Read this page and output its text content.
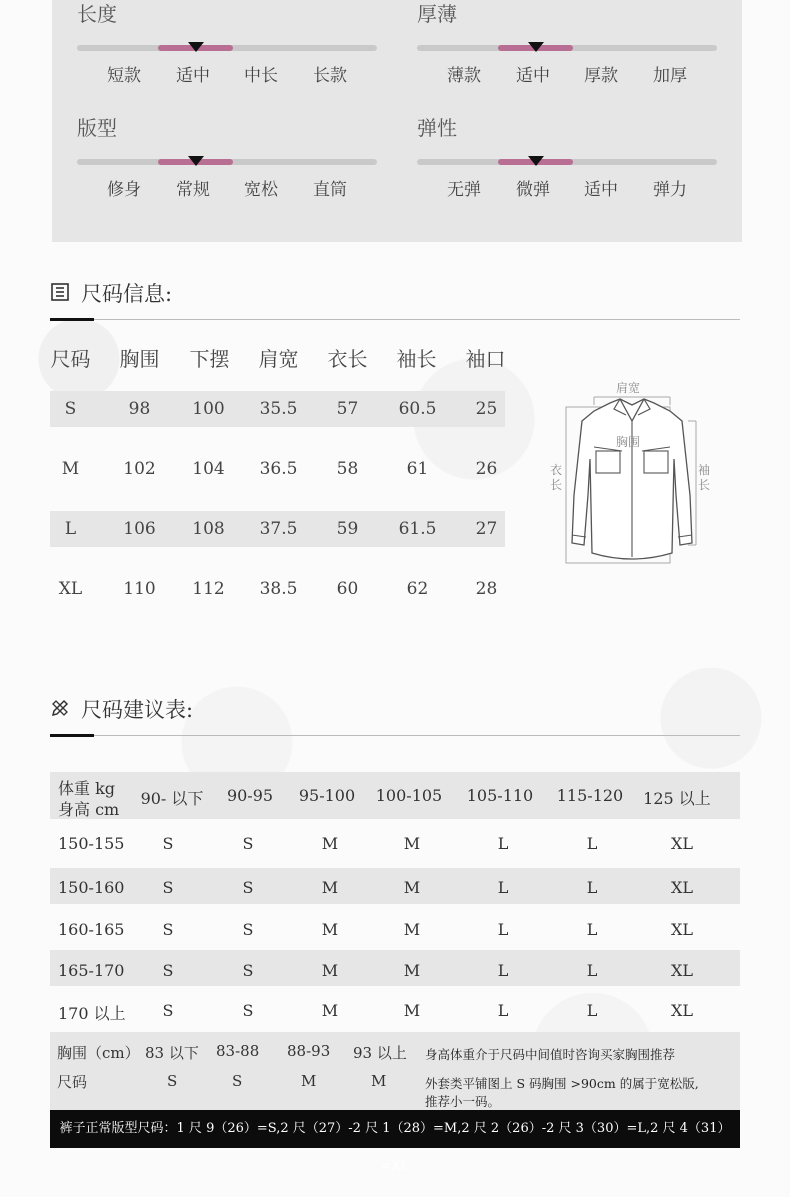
长度
短款	适中	中长	长款
厚薄
薄款	适中	厚款	加厚
版型
修身	常规	宽松	直筒
弹性
无弹	微弹	适中	弹力
尺码信息:
尺码	胸围	下摆	肩宽	衣长	袖长	袖口
S	98	100	35.5	57	60.5	25
M	102	104	36.5	58	61	26
L	106	108	37.5	59	61.5	27
XL	110	112	38.5	60	62	28
肩宽
胸围
衣长
袖长
尺码建议表:
体重 kg
身高 cm
90- 以下	90-95	95-100	100-105	105-110	115-120	125 以上
150-155	S	S	M	M	L	L	XL
150-160	S	S	M	M	L	L	XL
160-165	S	S	M	M	L	L	XL
165-170	S	S	M	M	L	L	XL
170 以上	S	S	M	M	L	L	XL
胸围（cm） 83 以下 83-88 88-93 93 以上
尺码	S	S	M	M
身高体重介于尺码中间值时咨询买家胸围推荐
外套类平铺图上 S 码胸围 >90cm 的属于宽松版,
推荐小一码。
裤子正常版型尺码：1 尺 9（26）=S,2 尺（27）-2 尺 1（28）=M,2 尺 2（26）-2 尺 3（30）=L,2 尺 4（31）=XL
